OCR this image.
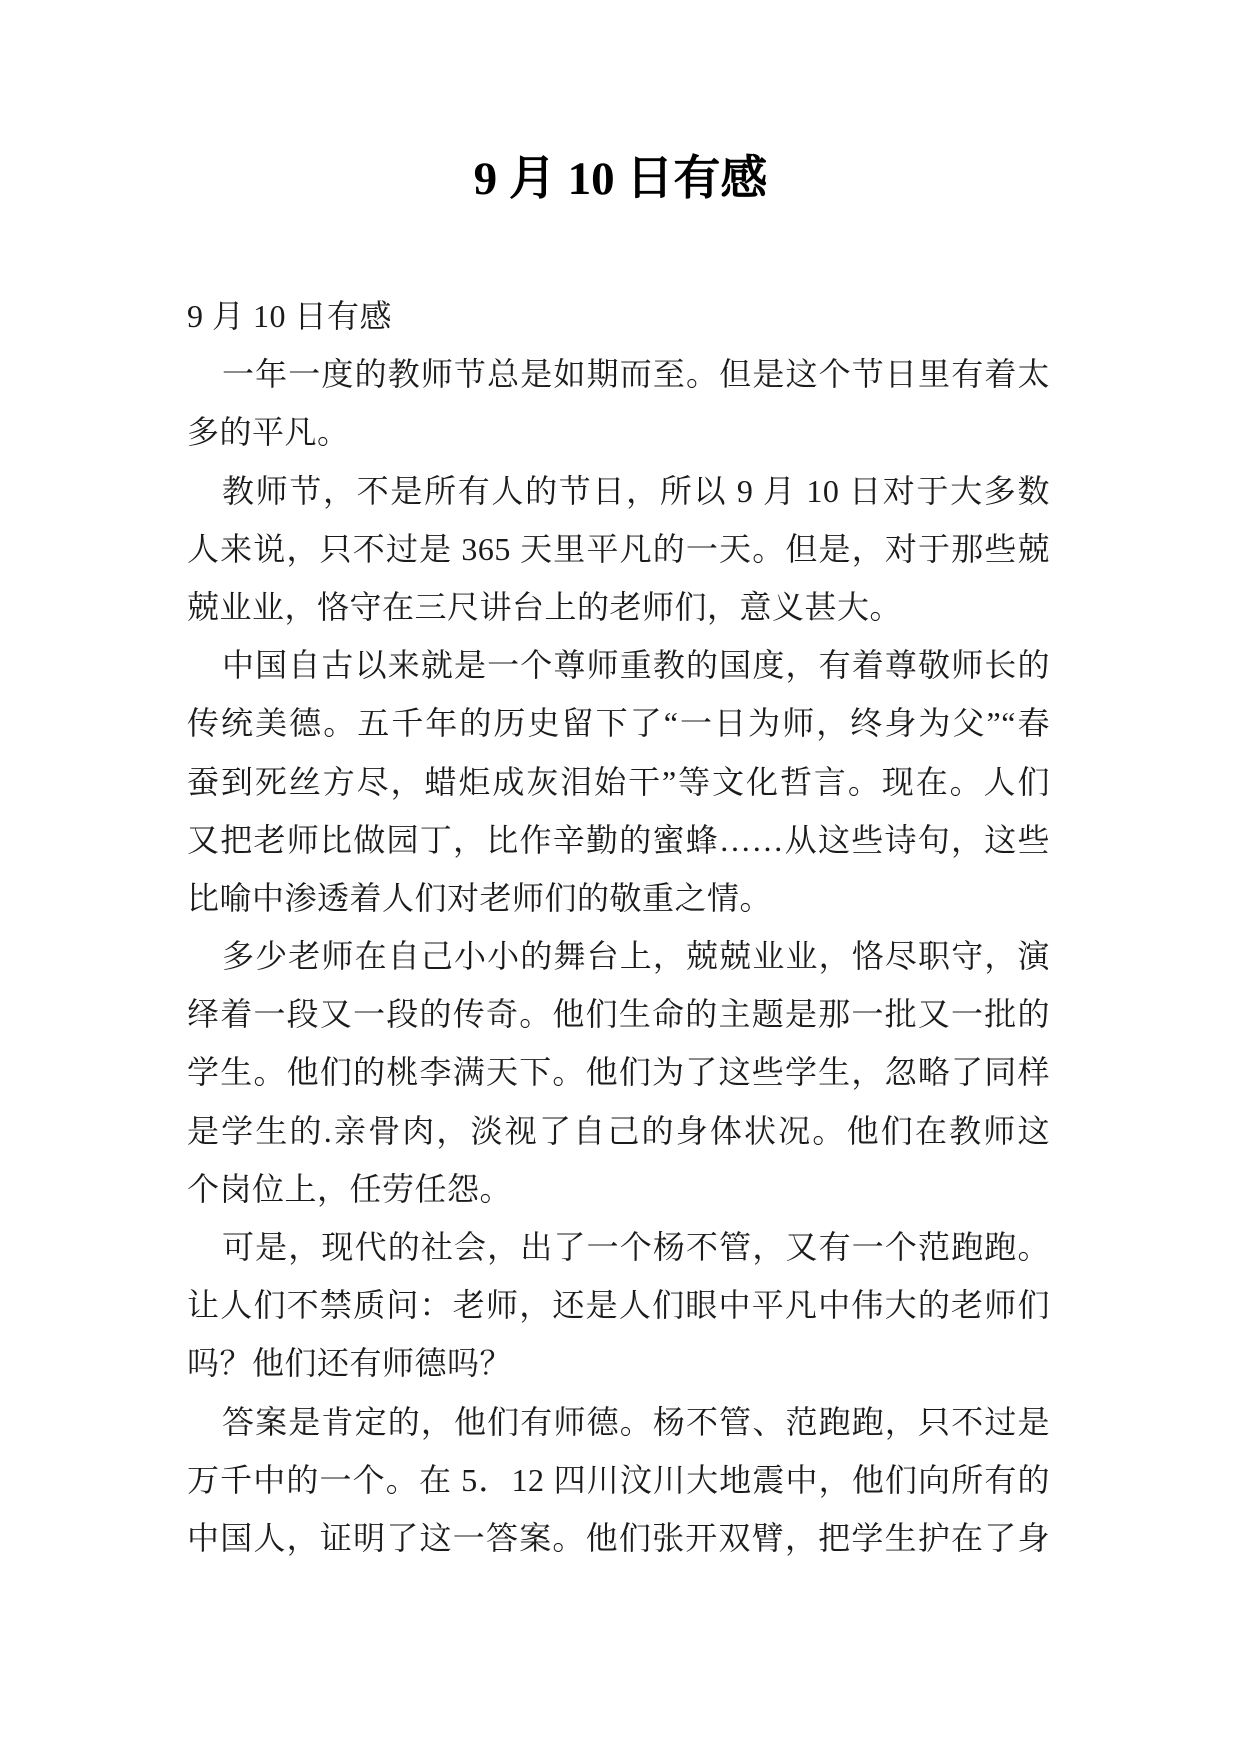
9 月 10 日有感
9 月 10 日有感
一年一度的教师节总是如期而至。但是这个节日里有着太
多的平凡。
教师节，不是所有人的节日，所以 9 月 10 日对于大多数
人来说，只不过是 365 天里平凡的一天。但是，对于那些兢
兢业业，恪守在三尺讲台上的老师们，意义甚大。
中国自古以来就是一个尊师重教的国度，有着尊敬师长的
传统美德。五千年的历史留下了“一日为师，终身为父”“春
蚕到死丝方尽，蜡炬成灰泪始干”等文化哲言。现在。人们
又把老师比做园丁，比作辛勤的蜜蜂……从这些诗句，这些
比喻中渗透着人们对老师们的敬重之情。
多少老师在自己小小的舞台上，兢兢业业，恪尽职守，演
绎着一段又一段的传奇。他们生命的主题是那一批又一批的
学生。他们的桃李满天下。他们为了这些学生，忽略了同样
是学生的.亲骨肉，淡视了自己的身体状况。他们在教师这
个岗位上，任劳任怨。
可是，现代的社会，出了一个杨不管，又有一个范跑跑。
让人们不禁质问：老师，还是人们眼中平凡中伟大的老师们
吗？他们还有师德吗？
答案是肯定的，他们有师德。杨不管、范跑跑，只不过是
万千中的一个。在 5．12 四川汶川大地震中，他们向所有的
中国人，证明了这一答案。他们张开双臂，把学生护在了身
